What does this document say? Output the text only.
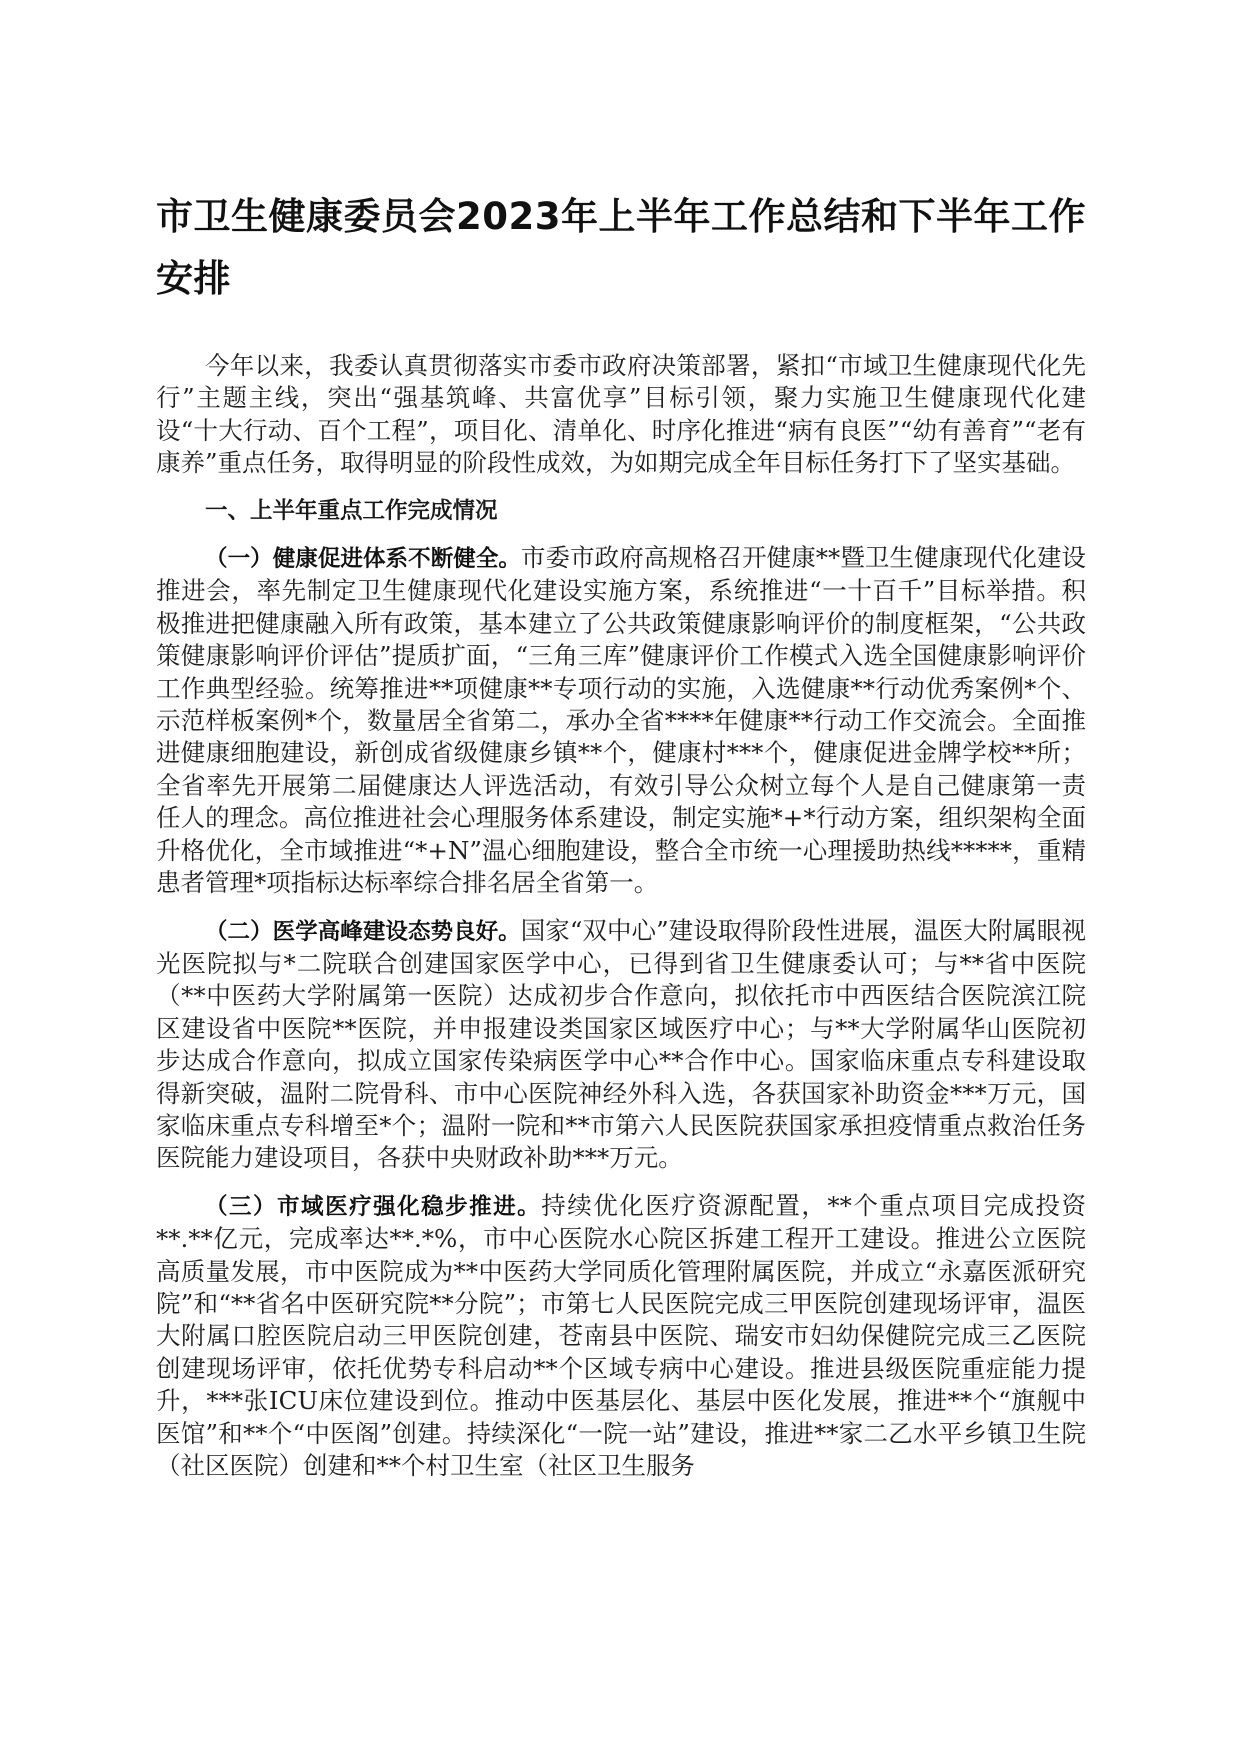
市卫生健康委员会2023年上半年工作总结和下半年工作安排

今年以来，我委认真贯彻落实市委市政府决策部署，紧扣“市域卫生健康现代化先行”主题主线，突出“强基筑峰、共富优享”目标引领，聚力实施卫生健康现代化建设“十大行动、百个工程”，项目化、清单化、时序化推进“病有良医”“幼有善育”“老有康养”重点任务，取得明显的阶段性成效，为如期完成全年目标任务打下了坚实基础。

一、上半年重点工作完成情况

（一）健康促进体系不断健全。市委市政府高规格召开健康**暨卫生健康现代化建设推进会，率先制定卫生健康现代化建设实施方案，系统推进“一十百千”目标举措。积极推进把健康融入所有政策，基本建立了公共政策健康影响评价的制度框架，“公共政策健康影响评价评估”提质扩面，“三角三库”健康评价工作模式入选全国健康影响评价工作典型经验。统筹推进**项健康**专项行动的实施，入选健康**行动优秀案例*个、示范样板案例*个，数量居全省第二，承办全省****年健康**行动工作交流会。全面推进健康细胞建设，新创成省级健康乡镇**个，健康村***个，健康促进金牌学校**所；全省率先开展第二届健康达人评选活动，有效引导公众树立每个人是自己健康第一责任人的理念。高位推进社会心理服务体系建设，制定实施*+*行动方案，组织架构全面升格优化，全市域推进“*+N”温心细胞建设，整合全市统一心理援助热线*****，重精患者管理*项指标达标率综合排名居全省第一。

（二）医学高峰建设态势良好。国家“双中心”建设取得阶段性进展，温医大附属眼视光医院拟与*二院联合创建国家医学中心，已得到省卫生健康委认可；与**省中医院（**中医药大学附属第一医院）达成初步合作意向，拟依托市中西医结合医院滨江院区建设省中医院**医院，并申报建设类国家区域医疗中心；与**大学附属华山医院初步达成合作意向，拟成立国家传染病医学中心**合作中心。国家临床重点专科建设取得新突破，温附二院骨科、市中心医院神经外科入选，各获国家补助资金***万元，国家临床重点专科增至*个；温附一院和**市第六人民医院获国家承担疫情重点救治任务医院能力建设项目，各获中央财政补助***万元。

（三）市域医疗强化稳步推进。持续优化医疗资源配置，**个重点项目完成投资**.**亿元，完成率达**.*%，市中心医院水心院区拆建工程开工建设。推进公立医院高质量发展，市中医院成为**中医药大学同质化管理附属医院，并成立“永嘉医派研究院”和“**省名中医研究院**分院”；市第七人民医院完成三甲医院创建现场评审，温医大附属口腔医院启动三甲医院创建，苍南县中医院、瑞安市妇幼保健院完成三乙医院创建现场评审，依托优势专科启动**个区域专病中心建设。推进县级医院重症能力提升，***张ICU床位建设到位。推动中医基层化、基层中医化发展，推进**个“旗舰中医馆”和**个“中医阁”创建。持续深化“一院一站”建设，推进**家二乙水平乡镇卫生院（社区医院）创建和**个村卫生室（社区卫生服务
